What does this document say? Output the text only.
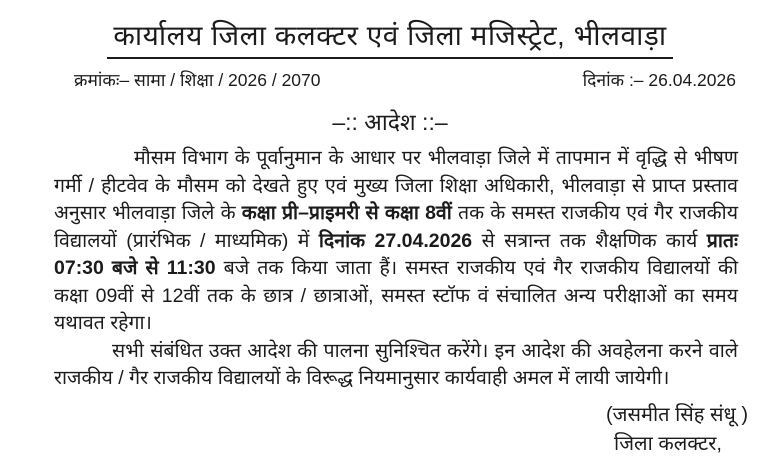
कार्यालय जिला कलक्टर एवं जिला मजिस्ट्रेट, भीलवाड़ा
क्रमांकः– सामा / शिक्षा / 2026 / 2070	दिनांक :– 26.04.2026
–:: आदेश ::–

मौसम विभाग के पूर्वानुमान के आधार पर भीलवाड़ा जिले में तापमान में वृद्धि से भीषण गर्मी / हीटवेव के मौसम को देखते हुए एवं मुख्य जिला शिक्षा अधिकारी, भीलवाड़ा से प्राप्त प्रस्ताव अनुसार भीलवाड़ा जिले के कक्षा प्री–प्राइमरी से कक्षा 8वीं तक के समस्त राजकीय एवं गैर राजकीय विद्यालयों (प्रारंभिक / माध्यमिक) में दिनांक 27.04.2026 से सत्रान्त तक शैक्षणिक कार्य प्रातः 07:30 बजे से 11:30 बजे तक किया जाता हैं। समस्त राजकीय एवं गैर राजकीय विद्यालयों की कक्षा 09वीं से 12वीं तक के छात्र / छात्राओं, समस्त स्टॉफ वं संचालित अन्य परीक्षाओं का समय यथावत रहेगा।

सभी संबंधित उक्त आदेश की पालना सुनिश्चित करेंगे। इन आदेश की अवहेलना करने वाले राजकीय / गैर राजकीय विद्यालयों के विरूद्ध नियमानुसार कार्यवाही अमल में लायी जायेगी।

(जसमीत सिंह संधू )
जिला कलक्टर,
